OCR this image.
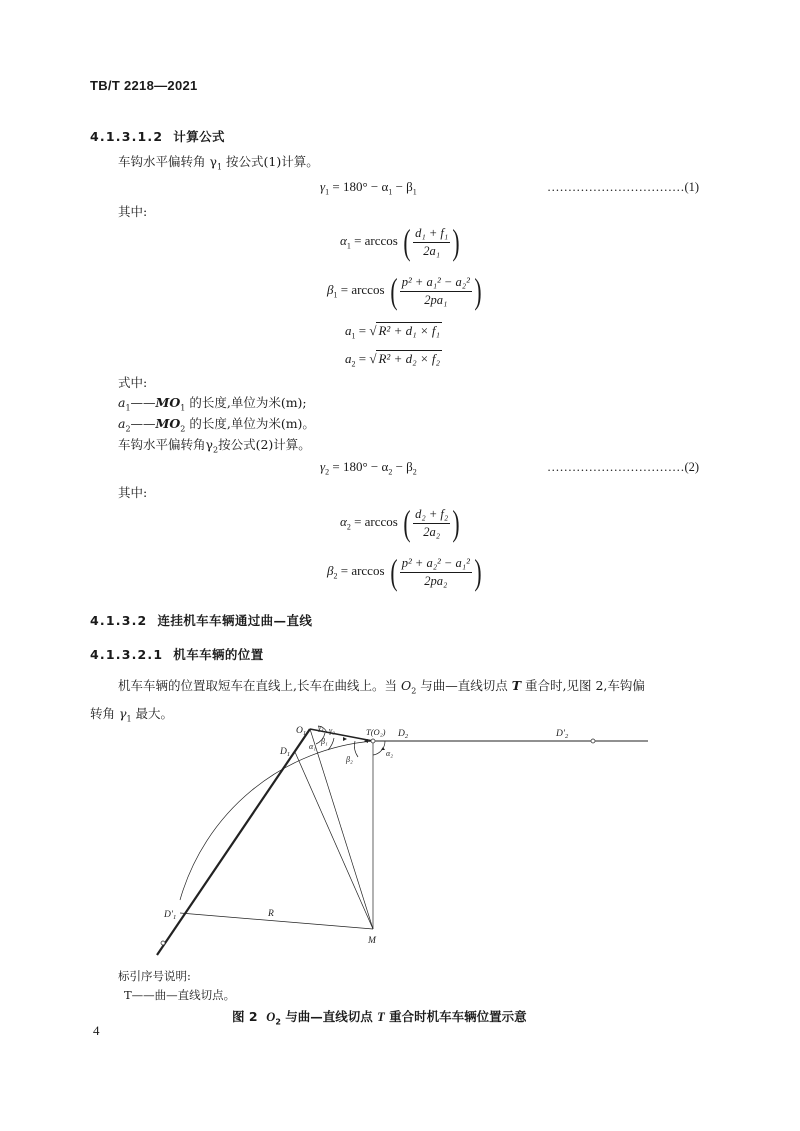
TB/T 2218—2021
4.1.3.1.2 计算公式
车钩水平偏转角 $\gamma_1$ 按公式(1)计算。
$\gamma_1 = 180^\circ - \alpha_1 - \beta_1$	……………………………(1)
其中:
$\alpha_1 = \arccos$ ( $\frac{\text{d₁ + f₁}}{\text{2a₁}}$ )
$\beta_1 = \arccos$ ( $\frac{\text{p² + a₁² − a₂²}}{\text{2pa₁}}$ )
$a_1$ = √ R² + d₁ × f₁
$a_2$ = √ R² + d₂ × f₂
式中:
$a_1——MO_1$ 的长度,单位为米(m);
$a_2——MO_2$ 的长度,单位为米(m)。
车钩水平偏转角$\gamma_2$按公式(2)计算。
$\gamma_2 = 180^\circ - \alpha_2 - \beta_2$	……………………………(2)
其中:
$\alpha_2 = \arccos$ ( $\frac{\text{d₂ + f₂}}{\text{2a₂}}$ )
$\beta_2 = \arccos$ ( $\frac{\text{p² + a₂² − a₁²}}{\text{2pa₂}}$ )
4.1.3.2 连挂机车车辆通过曲—直线
4.1.3.2.1 机车车辆的位置
机车车辆的位置取短车在直线上,长车在曲线上。当 $O_2$ 与曲—直线切点 T 重合时,见图 2,车钩偏
转角 $\gamma_1$ 最大。
$O_1$
γ₁ γ₂	T(O₂) $D_2$	$D'_2$
$D_1$
α₁
β₁
β₂
α₂
$D'_1$	R
M
标引序号说明:
T——曲—直线切点。
图 2 $O_2$ 与曲—直线切点 T 重合时机车车辆位置示意
4
